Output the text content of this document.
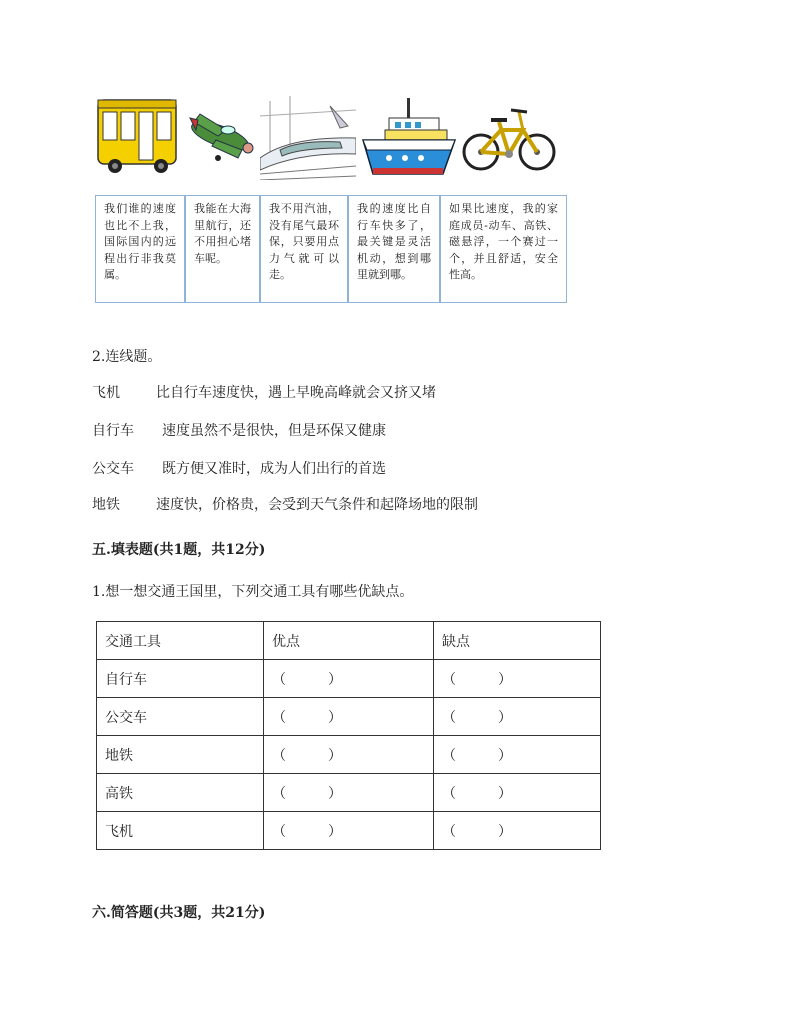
我们谁的速度也比不上我，国际国内的远程出行非我莫属。
我能在大海里航行，还不用担心堵车呢。
我不用汽油，没有尾气最环保，只要用点力气就可以走。
我的速度比自行车快多了，最关键是灵活机动，想到哪里就到哪。
如果比速度，我的家庭成员-动车、高铁、磁悬浮，一个赛过一个，并且舒适，安全性高。
2.连线题。
飞机	比自行车速度快，遇上早晚高峰就会又挤又堵
自行车 速度虽然不是很快，但是环保又健康
公交车 既方便又准时，成为人们出行的首选
地铁	速度快，价格贵，会受到天气条件和起降场地的限制
五.填表题(共1题，共12分)
1.想一想交通王国里，下列交通工具有哪些优缺点。
交通工具	优点	缺点
自行车	（　　　）	（　　　）
公交车	（　　　）	（　　　）
地铁	（　　　）	（　　　）
高铁	（　　　）	（　　　）
飞机	（　　　）	（　　　）
六.简答题(共3题，共21分)
